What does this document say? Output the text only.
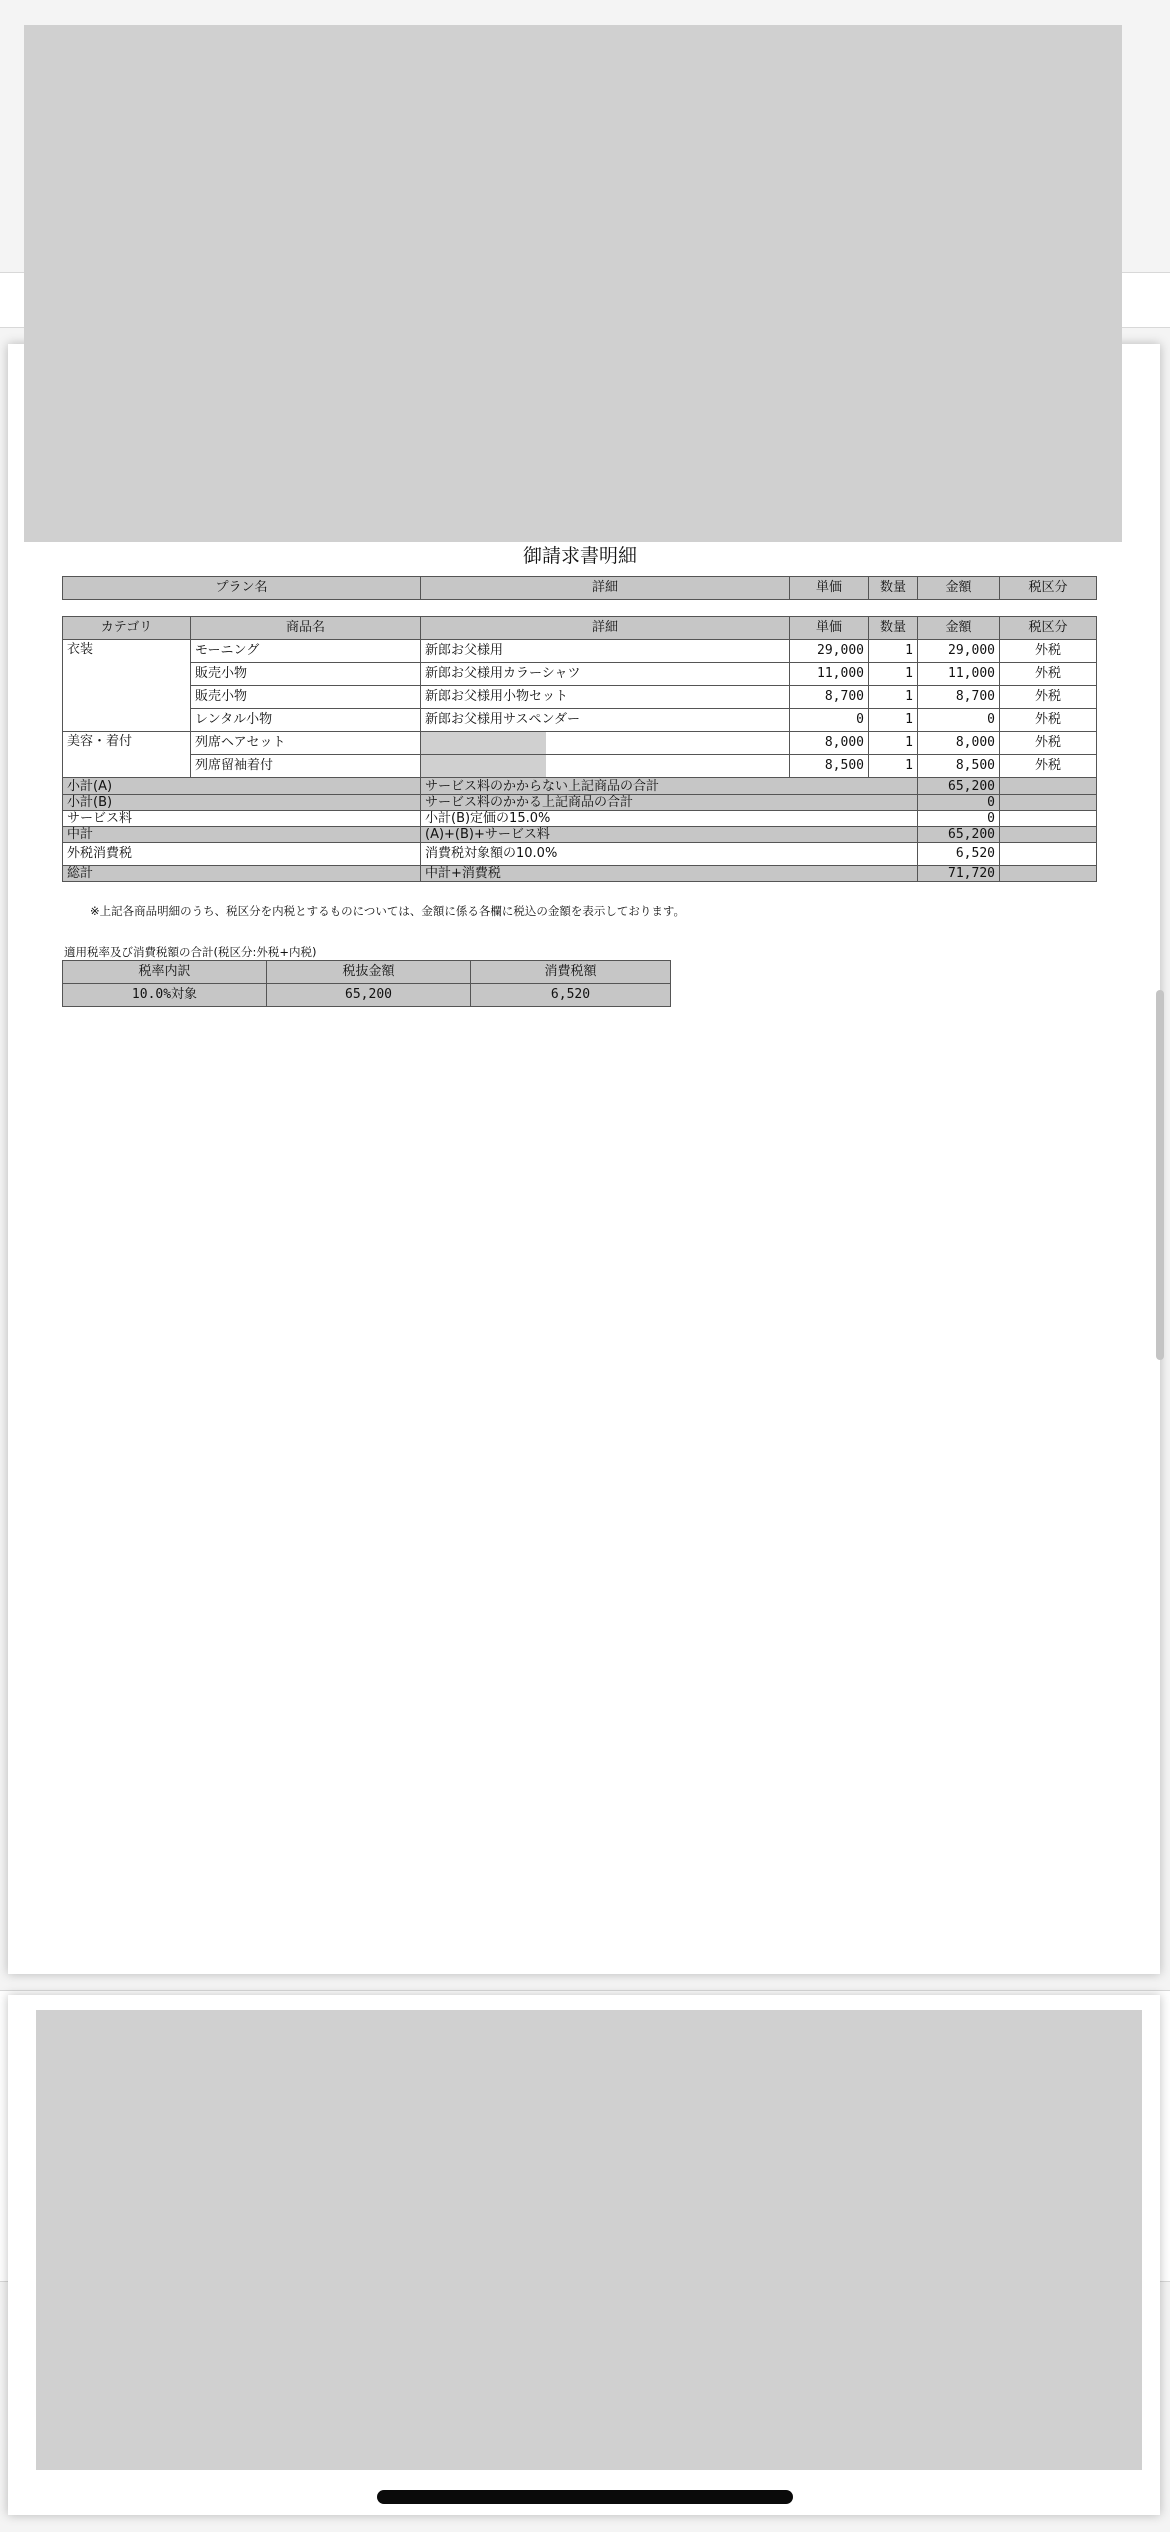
御請求書明細
プラン名	詳細	単価	数量	金額	税区分
カテゴリ	商品名	詳細	単価	数量	金額	税区分
衣装	モーニング	新郎お父様用	29,000	1	29,000	外税
	販売小物	新郎お父様用カラーシャツ	11,000	1	11,000	外税
	販売小物	新郎お父様用小物セット	8,700	1	8,700	外税
	レンタル小物	新郎お父様用サスペンダー	0	1	0	外税
美容・着付	列席ヘアセット		8,000	1	8,000	外税
	列席留袖着付		8,500	1	8,500	外税
小計(A)		サービス料のかからない上記商品の合計			65,200	
小計(B)		サービス料のかかる上記商品の合計			0	
サービス料		小計(B)定価の15.0%			0	
中計		(A)+(B)+サービス料			65,200	
外税消費税		消費税対象額の10.0%			6,520	
総計		中計+消費税			71,720	
※上記各商品明細のうち、税区分を内税とするものについては、金額に係る各欄に税込の金額を表示しております。
適用税率及び消費税額の合計(税区分:外税+内税)
税率内訳	税抜金額	消費税額
10.0%対象	65,200	6,520
